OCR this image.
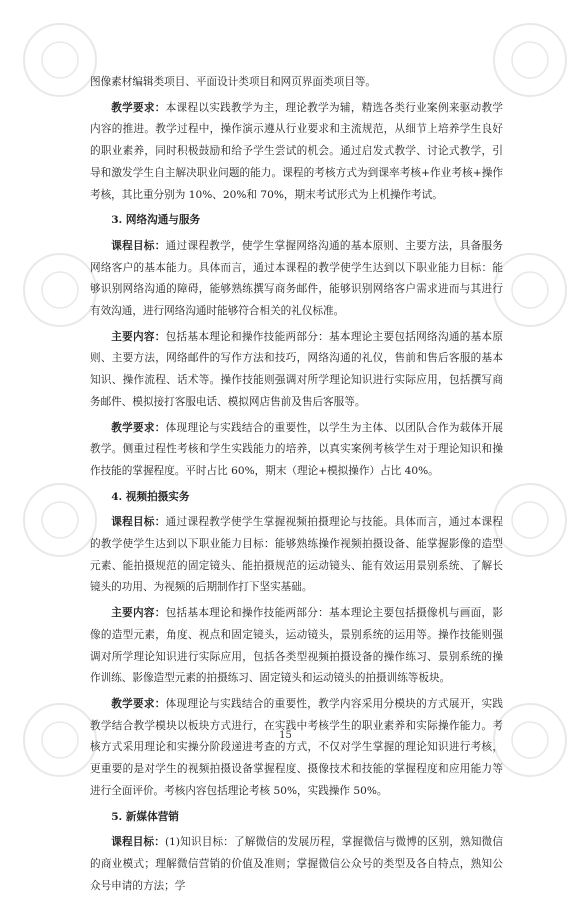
图像素材编辑类项目、平面设计类项目和网页界面类项目等。

教学要求：本课程以实践教学为主，理论教学为辅，精选各类行业案例来驱动教学内容的推进。教学过程中，操作演示遵从行业要求和主流规范，从细节上培养学生良好的职业素养，同时积极鼓励和给予学生尝试的机会。通过启发式教学、讨论式教学，引导和激发学生自主解决职业问题的能力。课程的考核方式为到课率考核+作业考核+操作考核，其比重分别为 10%、20%和 70%，期末考试形式为上机操作考试。

3. 网络沟通与服务

课程目标：通过课程教学，使学生掌握网络沟通的基本原则、主要方法，具备服务网络客户的基本能力。具体而言，通过本课程的教学使学生达到以下职业能力目标：能够识别网络沟通的障碍，能够熟练撰写商务邮件，能够识别网络客户需求进而与其进行有效沟通，进行网络沟通时能够符合相关的礼仪标准。

主要内容：包括基本理论和操作技能两部分：基本理论主要包括网络沟通的基本原则、主要方法，网络邮件的写作方法和技巧，网络沟通的礼仪，售前和售后客服的基本知识、操作流程、话术等。操作技能则强调对所学理论知识进行实际应用，包括撰写商务邮件、模拟接打客服电话、模拟网店售前及售后客服等。

教学要求：体现理论与实践结合的重要性，以学生为主体、以团队合作为载体开展教学。侧重过程性考核和学生实践能力的培养，以真实案例考核学生对于理论知识和操作技能的掌握程度。平时占比 60%，期末（理论+模拟操作）占比 40%。

4. 视频拍摄实务

课程目标：通过课程教学使学生掌握视频拍摄理论与技能。具体而言，通过本课程的教学使学生达到以下职业能力目标：能够熟练操作视频拍摄设备、能掌握影像的造型元素、能拍摄规范的固定镜头、能拍摄规范的运动镜头、能有效运用景别系统、了解长镜头的功用、为视频的后期制作打下坚实基础。

主要内容：包括基本理论和操作技能两部分：基本理论主要包括摄像机与画面，影像的造型元素，角度、视点和固定镜头，运动镜头，景别系统的运用等。操作技能则强调对所学理论知识进行实际应用，包括各类型视频拍摄设备的操作练习、景别系统的操作训练、影像造型元素的拍摄练习、固定镜头和运动镜头的拍摄训练等板块。

教学要求：体现理论与实践结合的重要性，教学内容采用分模块的方式展开，实践教学结合教学模块以板块方式进行，在实践中考核学生的职业素养和实际操作能力。考核方式采用理论和实操分阶段递进考查的方式，不仅对学生掌握的理论知识进行考核，更重要的是对学生的视频拍摄设备掌握程度、摄像技术和技能的掌握程度和应用能力等进行全面评价。考核内容包括理论考核 50%，实践操作 50%。

5. 新媒体营销

课程目标：(1)知识目标：了解微信的发展历程，掌握微信与微博的区别，熟知微信的商业模式；理解微信营销的价值及准则；掌握微信公众号的类型及各自特点，熟知公众号申请的方法；学

15
